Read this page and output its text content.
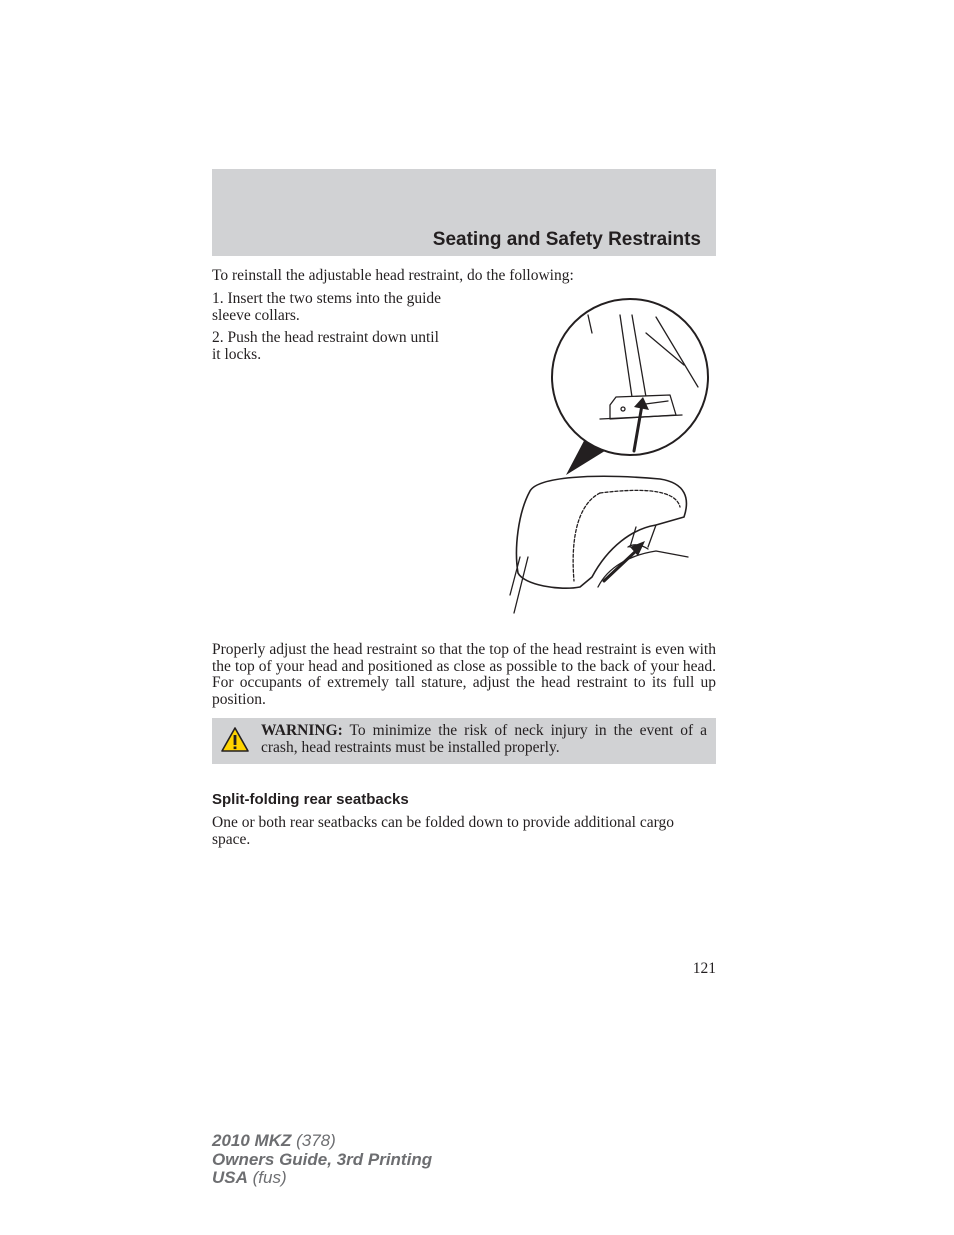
Seating and Safety Restraints

To reinstall the adjustable head restraint, do the following:

1. Insert the two stems into the guide sleeve collars.

2. Push the head restraint down until it locks.

Properly adjust the head restraint so that the top of the head restraint is even with the top of your head and positioned as close as possible to the back of your head. For occupants of extremely tall stature, adjust the head restraint to its full up position.

WARNING: To minimize the risk of neck injury in the event of a crash, head restraints must be installed properly.
Split-folding rear seatbacks

One or both rear seatbacks can be folded down to provide additional cargo space.

121
2010 MKZ (378)
Owners Guide, 3rd Printing
USA (fus)
